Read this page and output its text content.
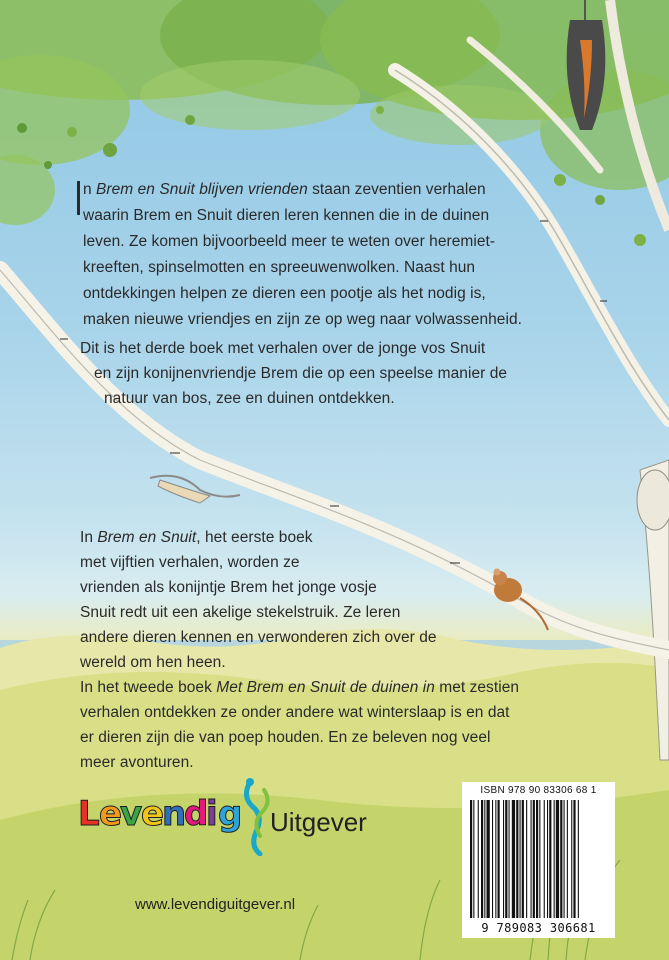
n Brem en Snuit blijven vrienden staan zeventien verhalen
waarin Brem en Snuit dieren leren kennen die in de duinen
leven. Ze komen bijvoorbeeld meer te weten over heremiet-
kreeften, spinselmotten en spreeuwenwolken. Naast hun
ontdekkingen helpen ze dieren een pootje als het nodig is,
maken nieuwe vriendjes en zijn ze op weg naar volwassenheid.
Dit is het derde boek met verhalen over de jonge vos Snuit
en zijn konijnenvriendje Brem die op een speelse manier de
natuur van bos, zee en duinen ontdekken.
In Brem en Snuit, het eerste boek
met vijftien verhalen, worden ze
vrienden als konijntje Brem het jonge vosje
Snuit redt uit een akelige stekelstruik. Ze leren
andere dieren kennen en verwonderen zich over de
wereld om hen heen.
In het tweede boek Met Brem en Snuit de duinen in met zestien
verhalen ontdekken ze onder andere wat winterslaap is en dat
er dieren zijn die van poep houden. En ze beleven nog veel
meer avonturen.
L e
v
e
n
d
i g Uitgever
www.levendiguitgever.nl
ISBN 978 90 83306 68 1
9 789083 306681
